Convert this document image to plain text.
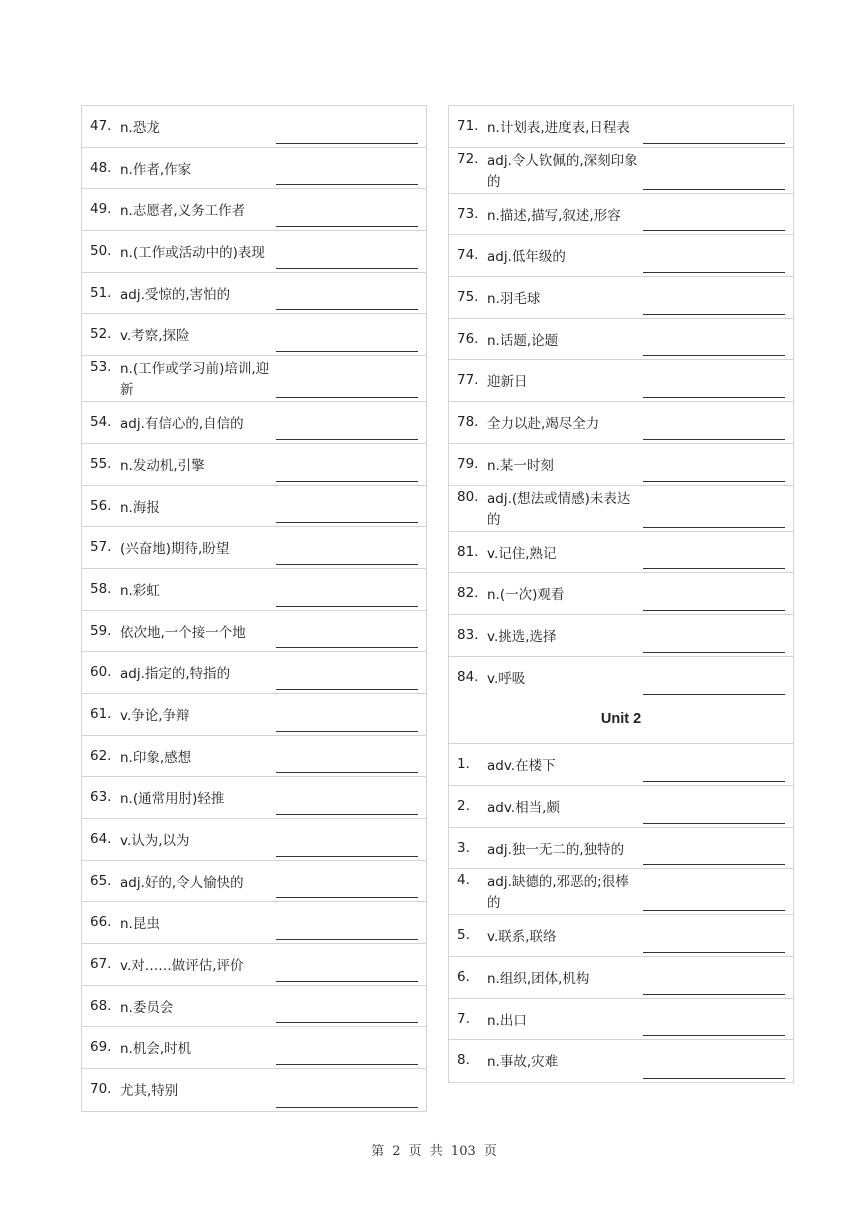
47. n.恐龙
48. n.作者,作家
49. n.志愿者,义务工作者
50. n.(工作或活动中的)表现
51. adj.受惊的,害怕的
52. v.考察,探险
53. n.(工作或学习前)培训,迎新
54. adj.有信心的,自信的
55. n.发动机,引擎
56. n.海报
57. (兴奋地)期待,盼望
58. n.彩虹
59. 依次地,一个接一个地
60. adj.指定的,特指的
61. v.争论,争辩
62. n.印象,感想
63. n.(通常用肘)轻推
64. v.认为,以为
65. adj.好的,令人愉快的
66. n.昆虫
67. v.对……做评估,评价
68. n.委员会
69. n.机会,时机
70. 尤其,特别
71. n.计划表,进度表,日程表
72. adj.令人钦佩的,深刻印象的
73. n.描述,描写,叙述,形容
74. adj.低年级的
75. n.羽毛球
76. n.话题,论题
77. 迎新日
78. 全力以赴,竭尽全力
79. n.某一时刻
80. adj.(想法或情感)未表达的
81. v.记住,熟记
82. n.(一次)观看
83. v.挑选,选择
84. v.呼吸
Unit 2
1.	adv.在楼下
2.	adv.相当,颇
3.	adj.独一无二的,独特的
4.	adj.缺德的,邪恶的;很棒的
5.	v.联系,联络
6.	n.组织,团体,机构
7.	n.出口
8.	n.事故,灾难
第 2 页 共 103 页
